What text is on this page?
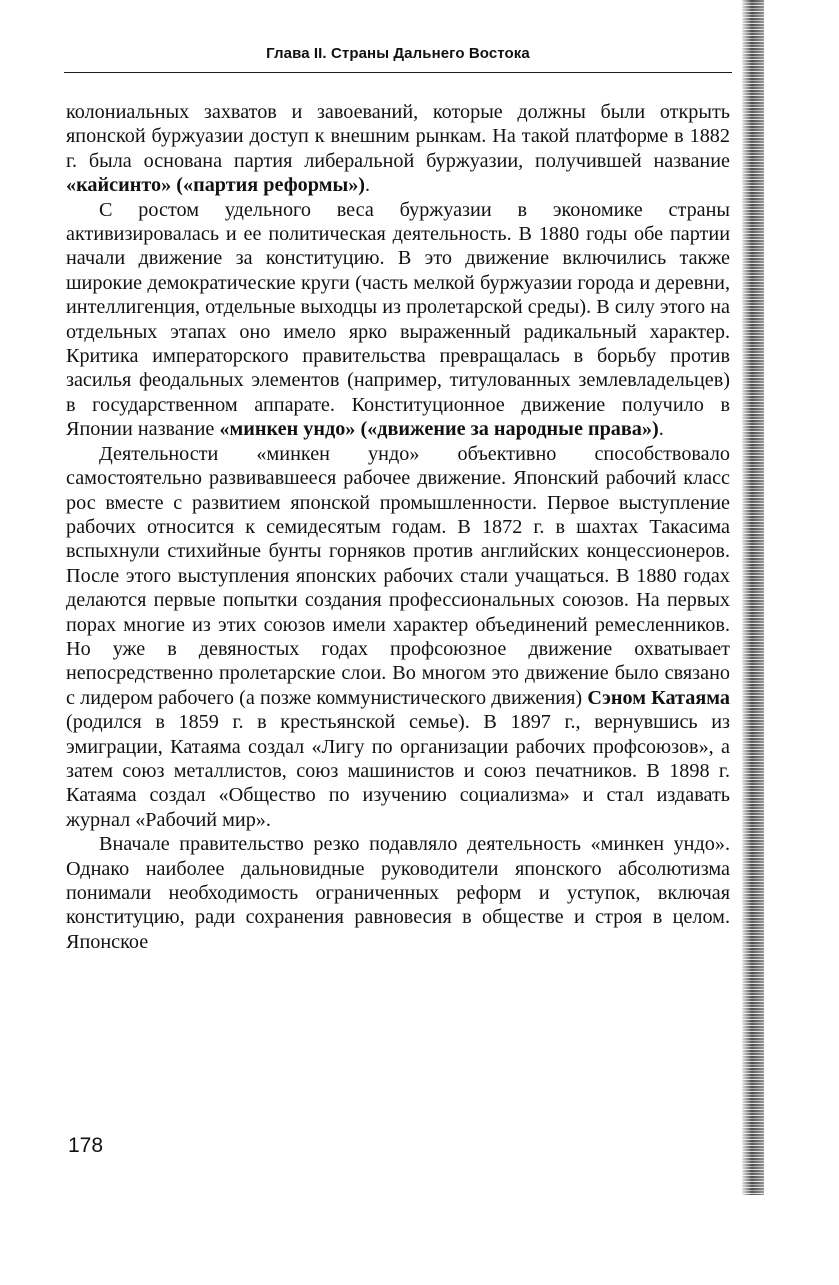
Глава II. Страны Дальнего Востока

колониальных захватов и завоеваний, которые должны были открыть японской буржуазии доступ к внешним рынкам. На такой платформе в 1882 г. была основана партия либеральной буржуазии, получившей название «кайсинто» («партия реформы»).

С ростом удельного веса буржуазии в экономике страны активизировалась и ее политическая деятельность. В 1880 годы обе партии начали движение за конституцию. В это движение включились также широкие демократические круги (часть мелкой буржуазии города и деревни, интеллигенция, отдельные выходцы из пролетарской среды). В силу этого на отдельных этапах оно имело ярко выраженный радикальный характер. Критика императорского правительства превращалась в борьбу против засилья феодальных элементов (например, титулованных землевладельцев) в государственном аппарате. Конституционное движение получило в Японии название «минкен ундо» («движение за народные права»).

Деятельности «минкен ундо» объективно способствовало самостоятельно развивавшееся рабочее движение. Японский рабочий класс рос вместе с развитием японской промышленности. Первое выступление рабочих относится к семидесятым годам. В 1872 г. в шахтах Такасима вспыхнули стихийные бунты горняков против английских концессионеров. После этого выступления японских рабочих стали учащаться. В 1880 годах делаются первые попытки создания профессиональных союзов. На первых порах многие из этих союзов имели характер объединений ремесленников. Но уже в девяностых годах профсоюзное движение охватывает непосредственно пролетарские слои. Во многом это движение было связано с лидером рабочего (а позже коммунистического движения) Сэном Катаяма (родился в 1859 г. в крестьянской семье). В 1897 г., вернувшись из эмиграции, Катаяма создал «Лигу по организации рабочих профсоюзов», а затем союз металлистов, союз машинистов и союз печатников. В 1898 г. Катаяма создал «Общество по изучению социализма» и стал издавать журнал «Рабочий мир».

Вначале правительство резко подавляло деятельность «минкен ундо». Однако наиболее дальновидные руководители японского абсолютизма понимали необходимость ограниченных реформ и уступок, включая конституцию, ради сохранения равновесия в обществе и строя в целом. Японское

178
